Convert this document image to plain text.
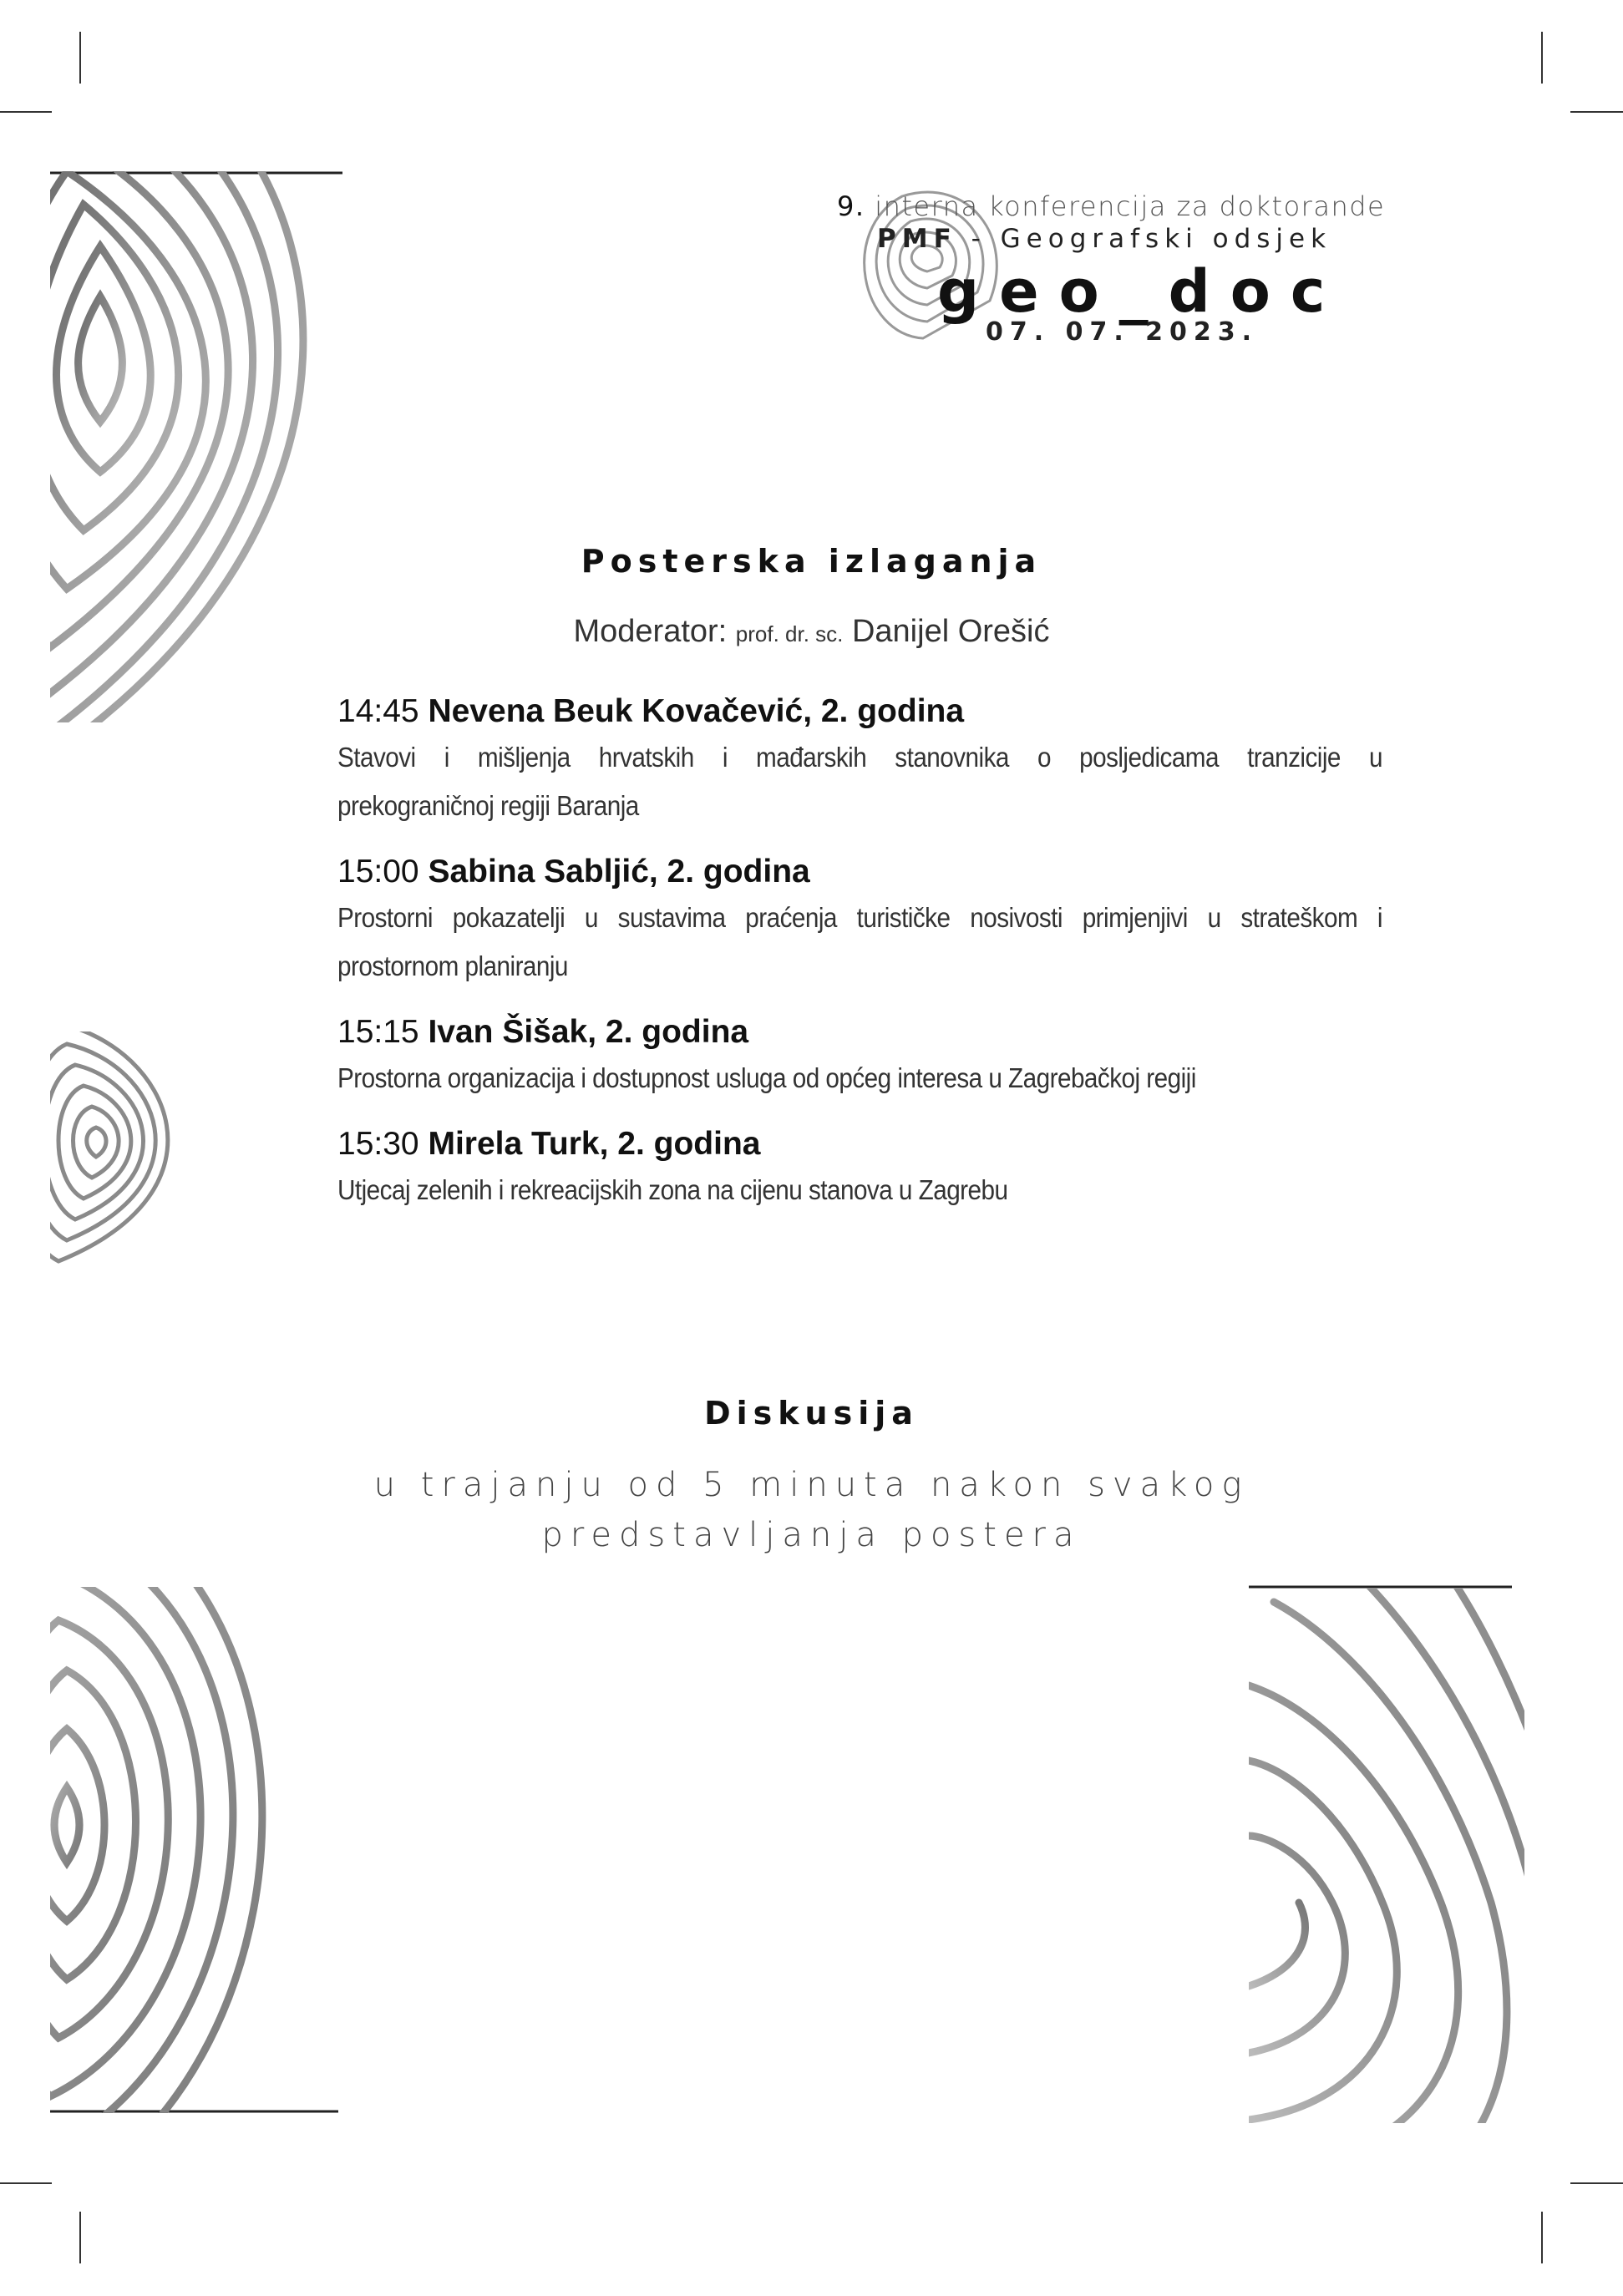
9. interna konferencija za doktorande
PMF - Geografski odsjek
geo_doc
07. 07. 2023.
Posterska izlaganja
Moderator: prof. dr. sc. Danijel Orešić
14:45 Nevena Beuk Kovačević, 2. godina
Stavovi i mišljenja hrvatskih i mađarskih stanovnika o posljedicama tranzicije u
prekograničnoj regiji Baranja
15:00 Sabina Sabljić, 2. godina
Prostorni pokazatelji u sustavima praćenja turističke nosivosti primjenjivi u strateškom i
prostornom planiranju
15:15 Ivan Šišak, 2. godina
Prostorna organizacija i dostupnost usluga od općeg interesa u Zagrebačkoj regiji
15:30 Mirela Turk, 2. godina
Utjecaj zelenih i rekreacijskih zona na cijenu stanova u Zagrebu
Diskusija
u trajanju od 5 minuta nakon svakog
predstavljanja postera
